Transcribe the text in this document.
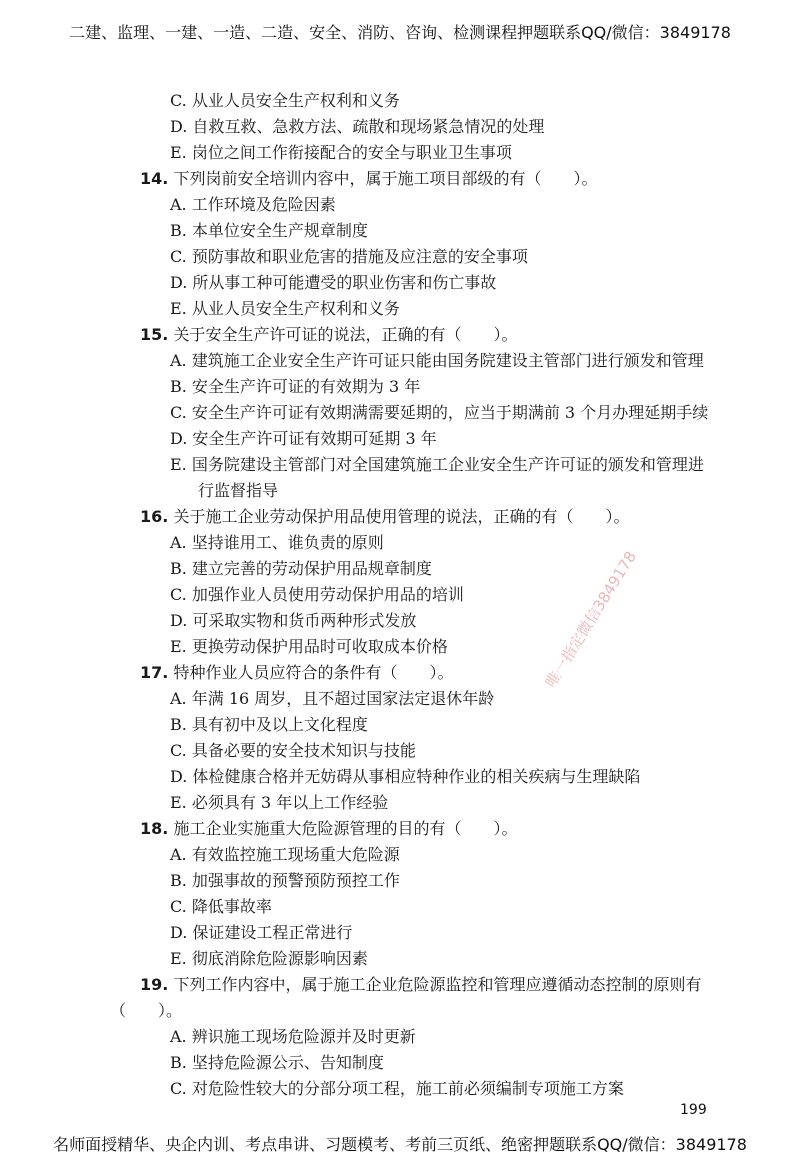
二建、监理、一建、一造、二造、安全、消防、咨询、检测课程押题联系QQ/微信：3849178
C. 从业人员安全生产权利和义务
D. 自救互救、急救方法、疏散和现场紧急情况的处理
E. 岗位之间工作衔接配合的安全与职业卫生事项
14. 下列岗前安全培训内容中，属于施工项目部级的有（　　）。
A. 工作环境及危险因素
B. 本单位安全生产规章制度
C. 预防事故和职业危害的措施及应注意的安全事项
D. 所从事工种可能遭受的职业伤害和伤亡事故
E. 从业人员安全生产权利和义务
15. 关于安全生产许可证的说法，正确的有（　　）。
A. 建筑施工企业安全生产许可证只能由国务院建设主管部门进行颁发和管理
B. 安全生产许可证的有效期为 3 年
C. 安全生产许可证有效期满需要延期的，应当于期满前 3 个月办理延期手续
D. 安全生产许可证有效期可延期 3 年
E. 国务院建设主管部门对全国建筑施工企业安全生产许可证的颁发和管理进
行监督指导
16. 关于施工企业劳动保护用品使用管理的说法，正确的有（　　）。
A. 坚持谁用工、谁负责的原则
B. 建立完善的劳动保护用品规章制度
C. 加强作业人员使用劳动保护用品的培训
D. 可采取实物和货币两种形式发放
E. 更换劳动保护用品时可收取成本价格
17. 特种作业人员应符合的条件有（　　）。
A. 年满 16 周岁，且不超过国家法定退休年龄
B. 具有初中及以上文化程度
C. 具备必要的安全技术知识与技能
D. 体检健康合格并无妨碍从事相应特种作业的相关疾病与生理缺陷
E. 必须具有 3 年以上工作经验
18. 施工企业实施重大危险源管理的目的有（　　）。
A. 有效监控施工现场重大危险源
B. 加强事故的预警预防预控工作
C. 降低事故率
D. 保证建设工程正常进行
E. 彻底消除危险源影响因素
19. 下列工作内容中，属于施工企业危险源监控和管理应遵循动态控制的原则有
（　　）。
A. 辨识施工现场危险源并及时更新
B. 坚持危险源公示、告知制度
C. 对危险性较大的分部分项工程，施工前必须编制专项施工方案
唯一指定微信3849178
199
名师面授精华、央企内训、考点串讲、习题模考、考前三页纸、绝密押题联系QQ/微信：3849178
